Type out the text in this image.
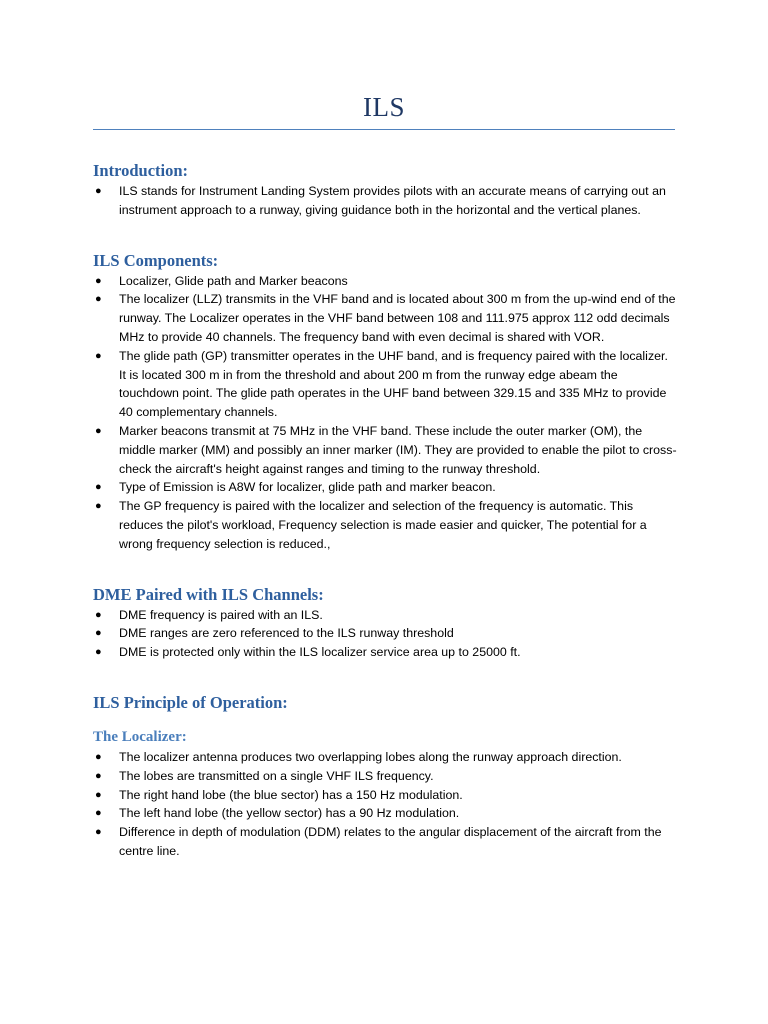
ILS
Introduction:
● ILS stands for Instrument Landing System provides pilots with an accurate means of carrying out an instrument approach to a runway, giving guidance both in the horizontal and the vertical planes.
ILS Components:
● Localizer, Glide path and Marker beacons
● The localizer (LLZ) transmits in the VHF band and is located about 300 m from the up-wind end of the runway. The Localizer operates in the VHF band between 108 and 111.975 approx 112 odd decimals MHz to provide 40 channels. The frequency band with even decimal is shared with VOR.
● The glide path (GP) transmitter operates in the UHF band, and is frequency paired with the localizer. It is located 300 m in from the threshold and about 200 m from the runway edge abeam the touchdown point. The glide path operates in the UHF band between 329.15 and 335 MHz to provide 40 complementary channels.
● Marker beacons transmit at 75 MHz in the VHF band. These include the outer marker (OM), the middle marker (MM) and possibly an inner marker (IM). They are provided to enable the pilot to cross-check the aircraft's height against ranges and timing to the runway threshold.
● Type of Emission is A8W for localizer, glide path and marker beacon.
● The GP frequency is paired with the localizer and selection of the frequency is automatic. This reduces the pilot's workload, Frequency selection is made easier and quicker, The potential for a wrong frequency selection is reduced.,
DME Paired with ILS Channels:
● DME frequency is paired with an ILS.
● DME ranges are zero referenced to the ILS runway threshold
● DME is protected only within the ILS localizer service area up to 25000 ft.
ILS Principle of Operation:
The Localizer:
● The localizer antenna produces two overlapping lobes along the runway approach direction.
● The lobes are transmitted on a single VHF ILS frequency.
● The right hand lobe (the blue sector) has a 150 Hz modulation.
● The left hand lobe (the yellow sector) has a 90 Hz modulation.
● Difference in depth of modulation (DDM) relates to the angular displacement of the aircraft from the centre line.
